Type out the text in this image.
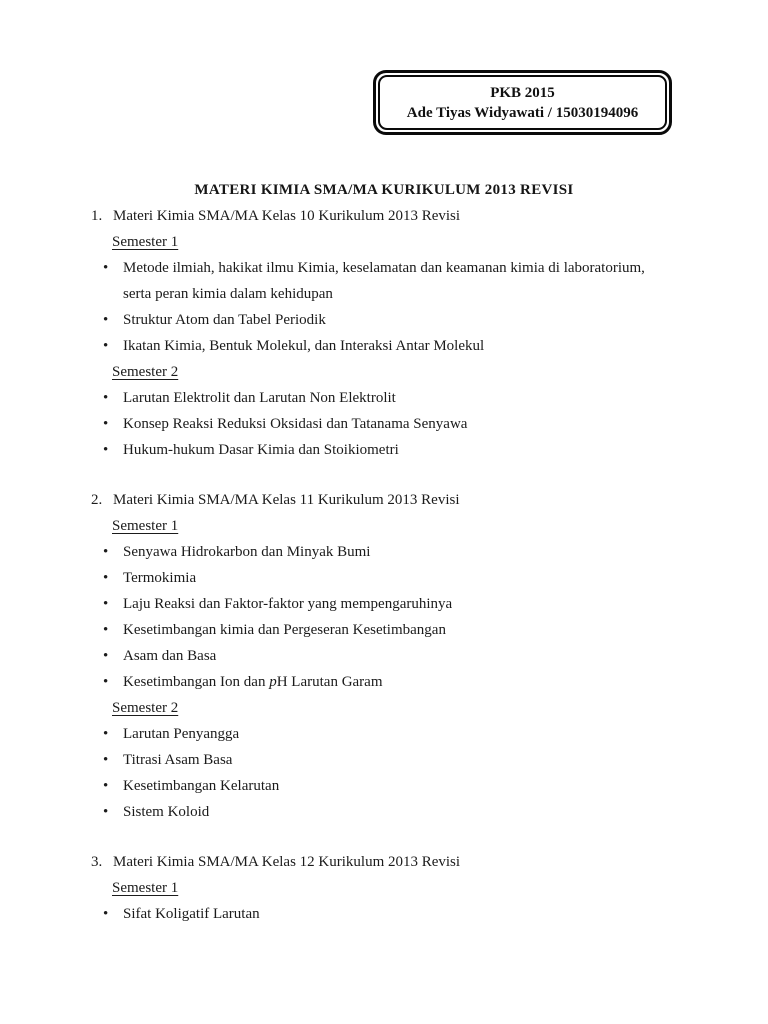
PKB 2015
Ade Tiyas Widyawati / 15030194096
MATERI KIMIA SMA/MA KURIKULUM 2013 REVISI
1. Materi Kimia SMA/MA Kelas 10 Kurikulum 2013 Revisi
Semester 1
• Metode ilmiah, hakikat ilmu Kimia, keselamatan dan keamanan kimia di laboratorium, serta peran kimia dalam kehidupan
• Struktur Atom dan Tabel Periodik
• Ikatan Kimia, Bentuk Molekul, dan Interaksi Antar Molekul
Semester 2
• Larutan Elektrolit dan Larutan Non Elektrolit
• Konsep Reaksi Reduksi Oksidasi dan Tatanama Senyawa
• Hukum-hukum Dasar Kimia dan Stoikiometri
2. Materi Kimia SMA/MA Kelas 11 Kurikulum 2013 Revisi
Semester 1
• Senyawa Hidrokarbon dan Minyak Bumi
• Termokimia
• Laju Reaksi dan Faktor-faktor yang mempengaruhinya
• Kesetimbangan kimia dan Pergeseran Kesetimbangan
• Asam dan Basa
• Kesetimbangan Ion dan pH Larutan Garam
Semester 2
• Larutan Penyangga
• Titrasi Asam Basa
• Kesetimbangan Kelarutan
• Sistem Koloid
3. Materi Kimia SMA/MA Kelas 12 Kurikulum 2013 Revisi
Semester 1
• Sifat Koligatif Larutan
